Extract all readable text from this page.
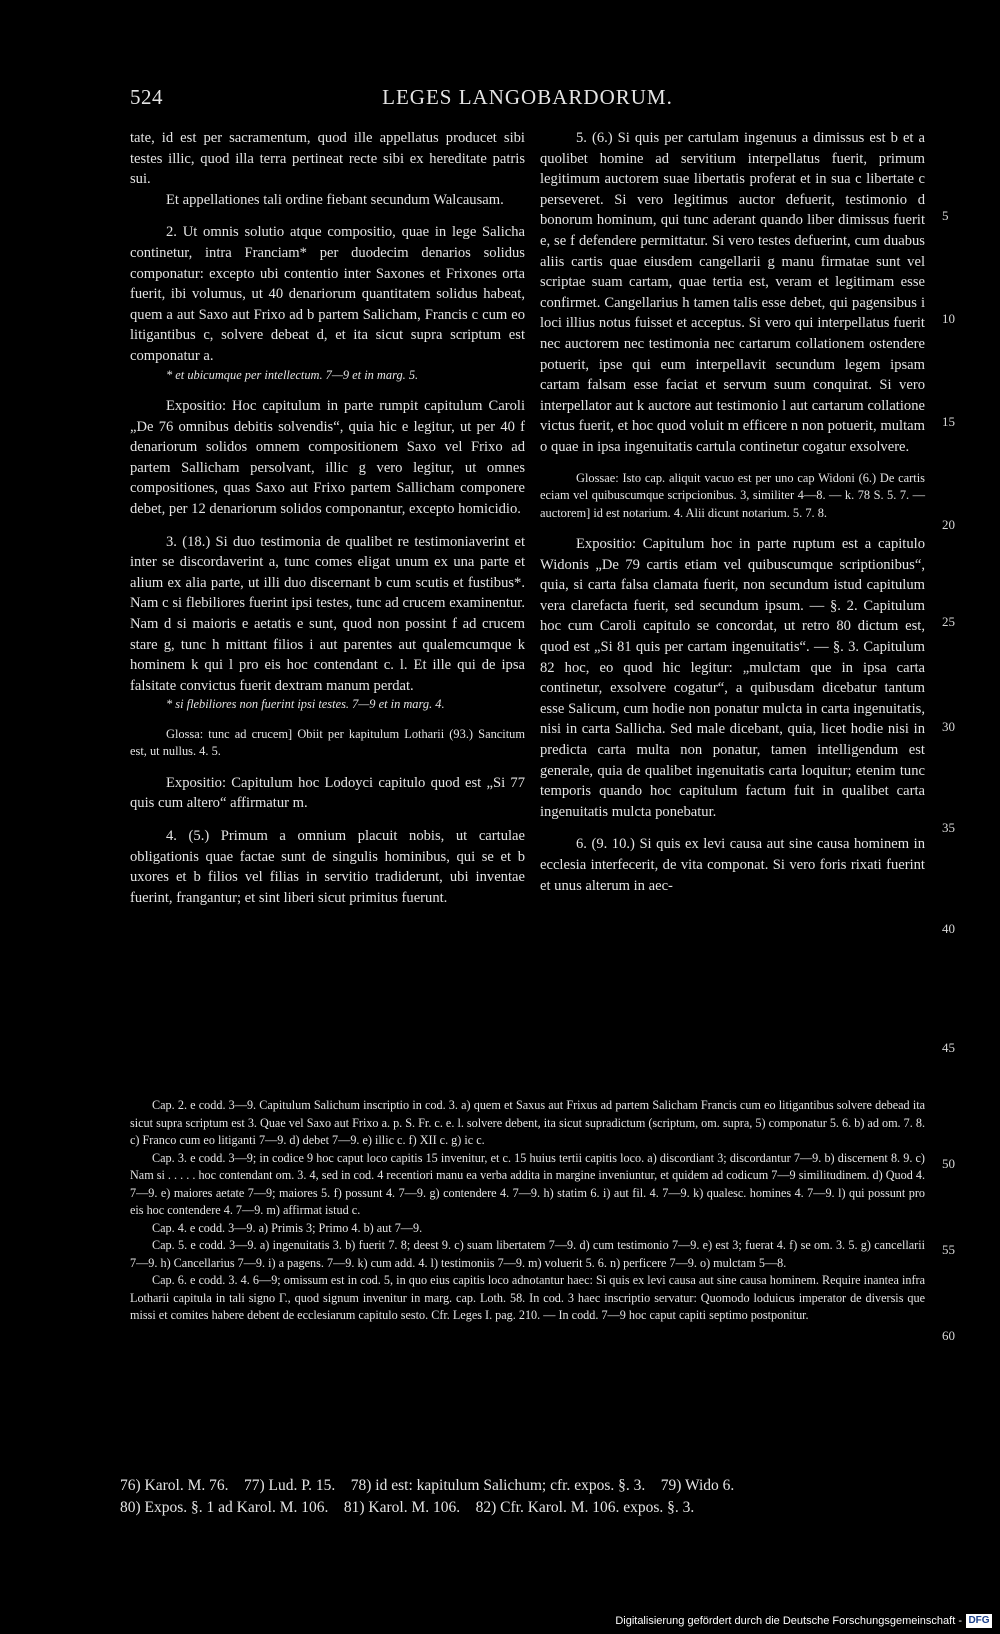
524	LEGES LANGOBARDORUM.

tate, id est per sacramentum, quod ille appellatus producet sibi testes illic, quod illa terra pertineat recte sibi ex hereditate patris sui.

Et appellationes tali ordine fiebant secundum Walcausam.

2. Ut omnis solutio atque compositio, quae in lege Salicha continetur, intra Franciam* per duodecim denarios solidus componatur: excepto ubi contentio inter Saxones et Frixones orta fuerit, ibi volumus, ut 40 denariorum quantitatem solidus habeat, quem a aut Saxo aut Frixo ad b partem Salicham, Francis c cum eo litigantibus c, solvere debeat d, et ita sicut supra scriptum est componatur a.

* et ubicumque per intellectum. 7—9 et in marg. 5.

Expositio: Hoc capitulum in parte rumpit capitulum Caroli „De 76 omnibus debitis solvendis“, quia hic e legitur, ut per 40 f denariorum solidos omnem compositionem Saxo vel Frixo ad partem Sallicham persolvant, illic g vero legitur, ut omnes compositiones, quas Saxo aut Frixo partem Sallicham componere debet, per 12 denariorum solidos componantur, excepto homicidio.

3. (18.) Si duo testimonia de qualibet re testimoniaverint et inter se discordaverint a, tunc comes eligat unum ex una parte et alium ex alia parte, ut illi duo discernant b cum scutis et fustibus*. Nam c si flebiliores fuerint ipsi testes, tunc ad crucem examinentur. Nam d si maioris e aetatis e sunt, quod non possint f ad crucem stare g, tunc h mittant filios i aut parentes aut qualemcumque k hominem k qui l pro eis hoc contendant c. l. Et ille qui de ipsa falsitate convictus fuerit dextram manum perdat.

* si flebiliores non fuerint ipsi testes. 7—9 et in marg. 4.

Glossa: tunc ad crucem] Obiit per kapitulum Lotharii (93.) Sancitum est, ut nullus. 4. 5.

Expositio: Capitulum hoc Lodoyci capitulo quod est „Si 77 quis cum altero“ affirmatur m.

4. (5.) Primum a omnium placuit nobis, ut cartulae obligationis quae factae sunt de singulis hominibus, qui se et b uxores et b filios vel filias in servitio tradiderunt, ubi inventae fuerint, frangantur; et sint liberi sicut primitus fuerunt.

5. (6.) Si quis per cartulam ingenuus a dimissus est b et a quolibet homine ad servitium interpellatus fuerit, primum legitimum auctorem suae libertatis proferat et in sua c libertate c perseveret. Si vero legitimus auctor defuerit, testimonio d bonorum hominum, qui tunc aderant quando liber dimissus fuerit e, se f defendere permittatur. Si vero testes defuerint, cum duabus aliis cartis quae eiusdem cangellarii g manu firmatae sunt vel scriptae suam cartam, quae tertia est, veram et legitimam esse confirmet. Cangellarius h tamen talis esse debet, qui pagensibus i loci illius notus fuisset et acceptus. Si vero qui interpellatus fuerit nec auctorem nec testimonia nec cartarum collationem ostendere potuerit, ipse qui eum interpellavit secundum legem ipsam cartam falsam esse faciat et servum suum conquirat. Si vero interpellator aut k auctore aut testimonio l aut cartarum collatione victus fuerit, et hoc quod voluit m efficere n non potuerit, multam o quae in ipsa ingenuitatis cartula continetur cogatur exsolvere.

Glossae: Isto cap. aliquit vacuo est per uno cap Widoni (6.) De cartis eciam vel quibuscumque scripcionibus. 3, similiter 4—8. — k. 78 S. 5. 7. — auctorem] id est notarium. 4. Alii dicunt notarium. 5. 7. 8.

Expositio: Capitulum hoc in parte ruptum est a capitulo Widonis „De 79 cartis etiam vel quibuscumque scriptionibus“, quia, si carta falsa clamata fuerit, non secundum istud capitulum vera clarefacta fuerit, sed secundum ipsum. — §. 2. Capitulum hoc cum Caroli capitulo se concordat, ut retro 80 dictum est, quod est „Si 81 quis per cartam ingenuitatis“. — §. 3. Capitulum 82 hoc, eo quod hic legitur: „mulctam que in ipsa carta continetur, exsolvere cogatur“, a quibusdam dicebatur tantum esse Salicum, cum hodie non ponatur mulcta in carta ingenuitatis, nisi in carta Sallicha. Sed male dicebant, quia, licet hodie nisi in predicta carta multa non ponatur, tamen intelligendum est generale, quia de qualibet ingenuitatis carta loquitur; etenim tunc temporis quando hoc capitulum factum fuit in qualibet carta ingenuitatis mulcta ponebatur.

6. (9. 10.) Si quis ex levi causa aut sine causa hominem in ecclesia interfecerit, de vita componat. Si vero foris rixati fuerint et unus alterum in aec-

5
10
15
20
25
30
35
40
45
50
55
60

Cap. 2. e codd. 3—9. Capitulum Salichum inscriptio in cod. 3. a) quem et Saxus aut Frixus ad partem Salicham Francis cum eo litigantibus solvere debead ita sicut supra scriptum est 3. Quae vel Saxo aut Frixo a. p. S. Fr. c. e. l. solvere debent, ita sicut supradictum (scriptum, om. supra, 5) componatur 5. 6. b) ad om. 7. 8. c) Franco cum eo litiganti 7—9. d) debet 7—9. e) illic c. f) XII c. g) ic c.

Cap. 3. e codd. 3—9; in codice 9 hoc caput loco capitis 15 invenitur, et c. 15 huius tertii capitis loco. a) discordiant 3; discordantur 7—9. b) discernent 8. 9. c) Nam si . . . . . hoc contendant om. 3. 4, sed in cod. 4 recentiori manu ea verba addita in margine inveniuntur, et quidem ad codicum 7—9 similitudinem. d) Quod 4. 7—9. e) maiores aetate 7—9; maiores 5. f) possunt 4. 7—9. g) contendere 4. 7—9. h) statim 6. i) aut fil. 4. 7—9. k) qualesc. homines 4. 7—9. l) qui possunt pro eis hoc contendere 4. 7—9. m) affirmat istud c.

Cap. 4. e codd. 3—9. a) Primis 3; Primo 4. b) aut 7—9.

Cap. 5. e codd. 3—9. a) ingenuitatis 3. b) fuerit 7. 8; deest 9. c) suam libertatem 7—9. d) cum testimonio 7—9. e) est 3; fuerat 4. f) se om. 3. 5. g) cancellarii 7—9. h) Cancellarius 7—9. i) a pagens. 7—9. k) cum add. 4. l) testimoniis 7—9. m) voluerit 5. 6. n) perficere 7—9. o) mulctam 5—8.

Cap. 6. e codd. 3. 4. 6—9; omissum est in cod. 5, in quo eius capitis loco adnotantur haec: Si quis ex levi causa aut sine causa hominem. Require inantea infra Lotharii capitula in tali signo Γ., quod signum invenitur in marg. cap. Loth. 58. In cod. 3 haec inscriptio servatur: Quomodo loduicus imperator de diversis que missi et comites habere debent de ecclesiarum capitulo sesto. Cfr. Leges I. pag. 210. — In codd. 7—9 hoc caput capiti septimo postponitur.

76) Karol. M. 76.    77) Lud. P. 15.    78) id est: kapitulum Salichum; cfr. expos. §. 3.    79) Wido 6.

80) Expos. §. 1 ad Karol. M. 106.    81) Karol. M. 106.    82) Cfr. Karol. M. 106. expos. §. 3.

Digitalisierung gefördert durch die Deutsche Forschungsgemeinschaft - DFG
